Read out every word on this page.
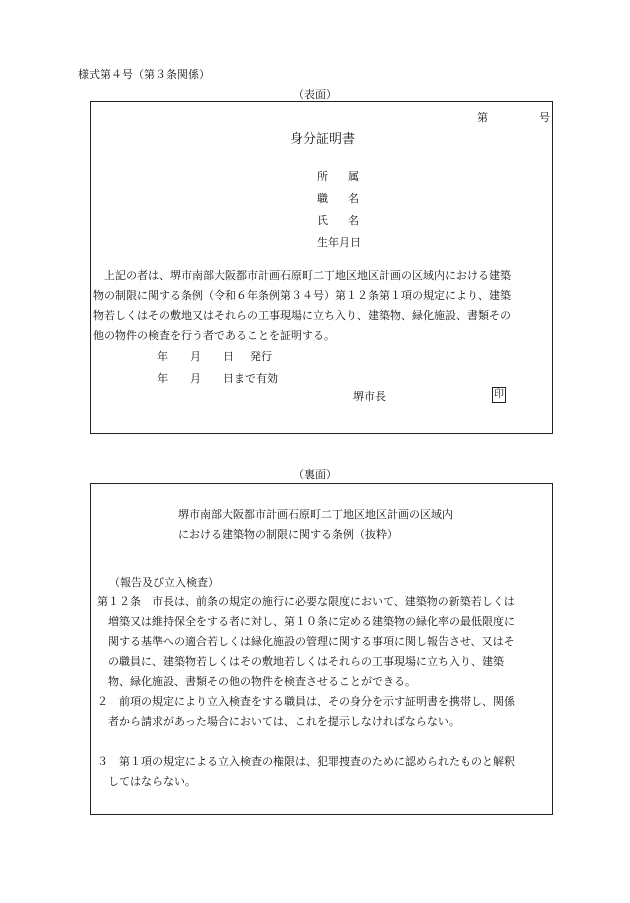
様式第４号（第３条関係）
（表面）
第	号
身分証明書
所 属
職 名
氏 名
生年月日
上記の者は、堺市南部大阪都市計画石原町二丁地区地区計画の区域内における建築
物の制限に関する条例（令和６年条例第３４号）第１２条第１項の規定により、建築
物若しくはその敷地又はそれらの工事現場に立ち入り、建築物、緑化施設、書類その
他の物件の検査を行う者であることを証明する。
年 月 日 発行
年 月 日まで有効
堺市長	印
（裏面）
堺市南部大阪都市計画石原町二丁地区地区計画の区域内
における建築物の制限に関する条例（抜粋）
（報告及び立入検査）
第１２条　市長は、前条の規定の施行に必要な限度において、建築物の新築若しくは
増築又は維持保全をする者に対し、第１０条に定める建築物の緑化率の最低限度に
関する基準への適合若しくは緑化施設の管理に関する事項に関し報告させ、又はそ
の職員に、建築物若しくはその敷地若しくはそれらの工事現場に立ち入り、建築
物、緑化施設、書類その他の物件を検査させることができる。
２　前項の規定により立入検査をする職員は、その身分を示す証明書を携帯し、関係
者から請求があった場合においては、これを提示しなければならない。
３　第１項の規定による立入検査の権限は、犯罪捜査のために認められたものと解釈
してはならない。
